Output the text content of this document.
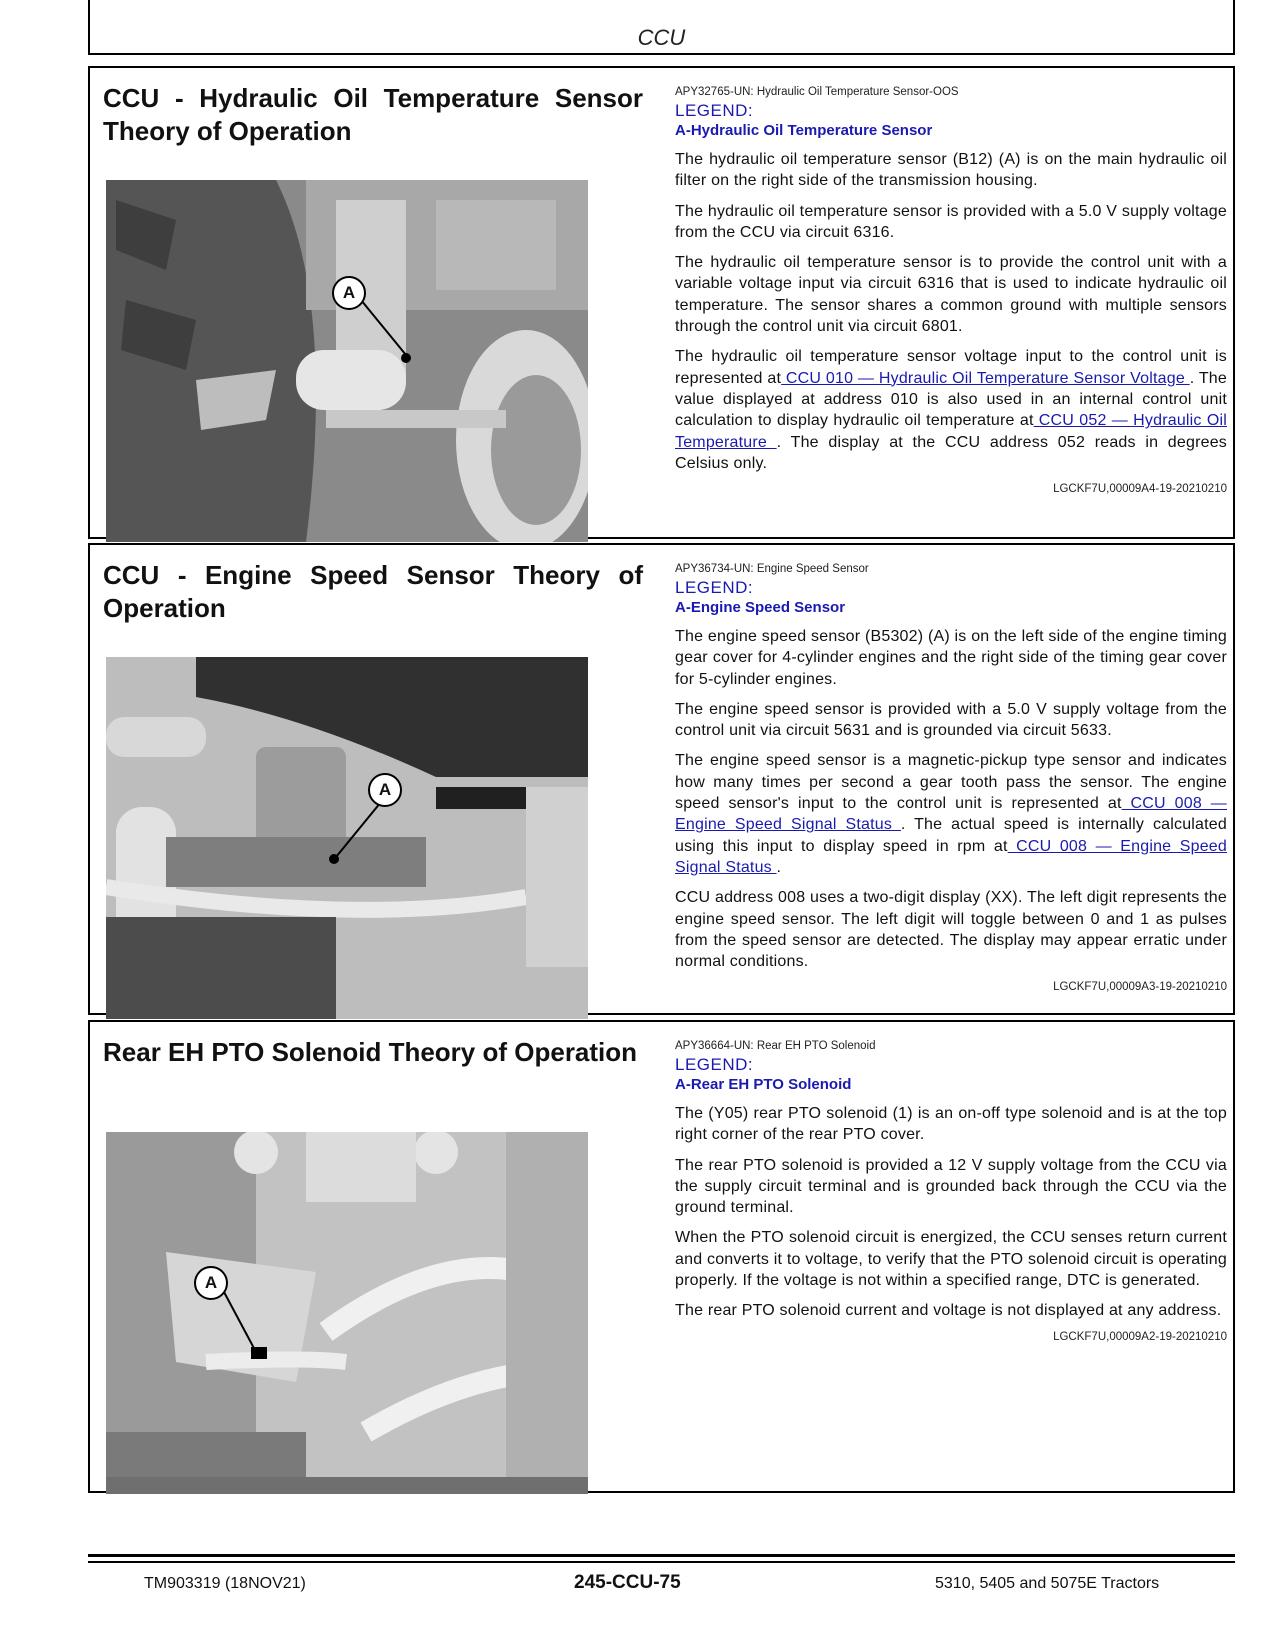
CCU
CCU - Hydraulic Oil Temperature Sensor Theory of Operation
A
APY32765-UN: Hydraulic Oil Temperature Sensor-OOS
LEGEND:
A-Hydraulic Oil Temperature Sensor

The hydraulic oil temperature sensor (B12) (A) is on the main hydraulic oil filter on the right side of the transmission housing.

The hydraulic oil temperature sensor is provided with a 5.0 V supply voltage from the CCU via circuit 6316.

The hydraulic oil temperature sensor is to provide the control unit with a variable voltage input via circuit 6316 that is used to indicate hydraulic oil temperature. The sensor shares a common ground with multiple sensors through the control unit via circuit 6801.

The hydraulic oil temperature sensor voltage input to the control unit is represented at CCU 010 — Hydraulic Oil Temperature Sensor Voltage . The value displayed at address 010 is also used in an internal control unit calculation to display hydraulic oil temperature at CCU 052 — Hydraulic Oil Temperature . The display at the CCU address 052 reads in degrees Celsius only.

LGCKF7U,00009A4-19-20210210
CCU - Engine Speed Sensor Theory of Operation
A
APY36734-UN: Engine Speed Sensor
LEGEND:
A-Engine Speed Sensor

The engine speed sensor (B5302) (A) is on the left side of the engine timing gear cover for 4-cylinder engines and the right side of the timing gear cover for 5-cylinder engines.

The engine speed sensor is provided with a 5.0 V supply voltage from the control unit via circuit 5631 and is grounded via circuit 5633.

The engine speed sensor is a magnetic-pickup type sensor and indicates how many times per second a gear tooth pass the sensor. The engine speed sensor's input to the control unit is represented at CCU 008 — Engine Speed Signal Status . The actual speed is internally calculated using this input to display speed in rpm at CCU 008 — Engine Speed Signal Status .

CCU address 008 uses a two-digit display (XX). The left digit represents the engine speed sensor. The left digit will toggle between 0 and 1 as pulses from the speed sensor are detected. The display may appear erratic under normal conditions.

LGCKF7U,00009A3-19-20210210
Rear EH PTO Solenoid Theory of Operation
A
APY36664-UN: Rear EH PTO Solenoid
LEGEND:
A-Rear EH PTO Solenoid

The (Y05) rear PTO solenoid (1) is an on-off type solenoid and is at the top right corner of the rear PTO cover.

The rear PTO solenoid is provided a 12 V supply voltage from the CCU via the supply circuit terminal and is grounded back through the CCU via the ground terminal.

When the PTO solenoid circuit is energized, the CCU senses return current and converts it to voltage, to verify that the PTO solenoid circuit is operating properly. If the voltage is not within a specified range, DTC is generated.

The rear PTO solenoid current and voltage is not displayed at any address.

LGCKF7U,00009A2-19-20210210
TM903319 (18NOV21)	245-CCU-75	5310, 5405 and 5075E Tractors
